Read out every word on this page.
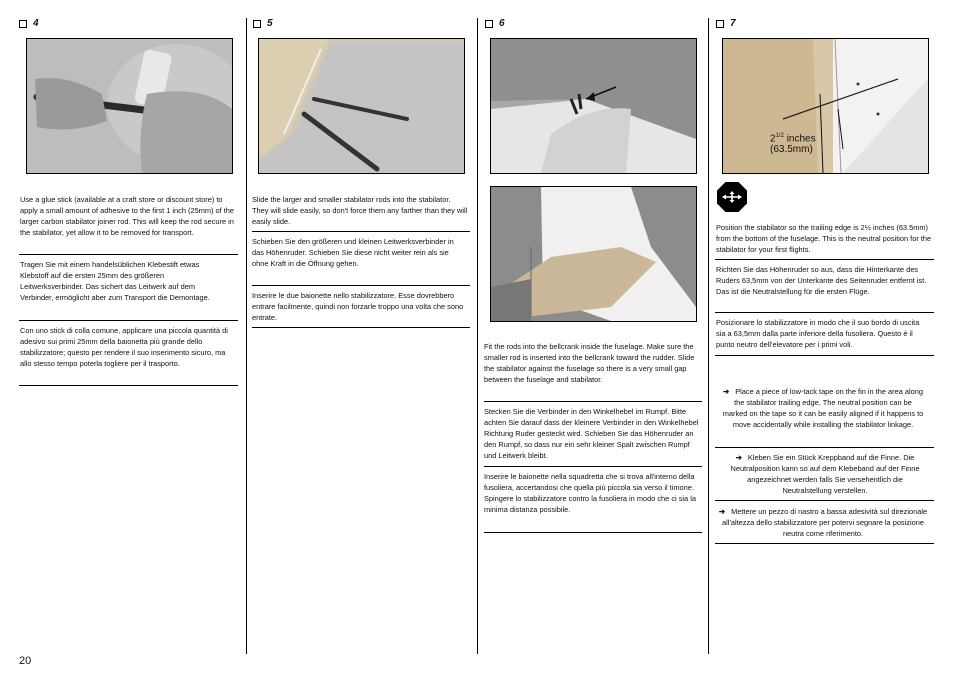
4
Use a glue stick (available at a craft store or discount store) to apply a small amount of adhesive to the first 1 inch (25mm) of the larger carbon stabilator joiner rod. This will keep the rod secure in the stabilator, yet allow it to be removed for transport.
Tragen Sie mit einem handelsüblichen Klebestift etwas Klebstoff auf die ersten 25mm des größeren Leitwerksverbinder. Das sichert das Leitwerk auf dem Verbinder, ermöglicht aber zum Transport die Demontage.
Con uno stick di colla comune, applicare una piccola quantità di adesivo sui primi 25mm della baionetta più grande dello stabilizzatore; questo per rendere il suo inserimento sicuro, ma allo stesso tempo poterla togliere per il trasporto.
5
Slide the larger and smaller stabilator rods into the stabilator. They will slide easily, so don't force them any farther than they will easily slide.
Schieben Sie den größeren und kleinen Leitwerksverbinder in das Höhenruder. Schieben Sie diese nicht weiter rein als sie ohne Kraft in die Öffnung gehen.
Inserire le due baionette nello stabilizzatore. Esse dovrebbero entrare facilmente, quindi non forzarle troppo una volta che sono entrate.
6
Fit the rods into the bellcrank inside the fuselage. Make sure the smaller rod is inserted into the bellcrank toward the rudder. Slide the stabilator against the fuselage so there is a very small gap between the fuselage and stabilator.
Stecken Sie die Verbinder in den Winkelhebel im Rumpf. Bitte achten Sie darauf dass der kleinere Verbinder in den Winkelhebel Richtung Ruder gesteckt wird. Schieben Sie das Höhenruder an den Rumpf, so dass nur ein sehr kleiner Spalt zwischen Rumpf und Leitwerk bleibt.
Inserire le baionette nella squadretta che si trova all'interno della fusoliera, accertandosi che quella più piccola sia verso il timone. Spingere lo stabilizzatore contro la fusoliera in modo che ci sia la minima distanza possibile.
7
$2^{1/2}$ inches
(63.5mm)
Position the stabilator so the trailing edge is 2½ inches (63.5mm) from the bottom of the fuselage. This is the neutral position for the stabilator for your first flights.
Richten Sie das Höhenruder so aus, dass die Hinterkante des Ruders 63,5mm von der Unterkante des Seitenruder entfernt ist. Das ist die Neutralstellung für die ersten Flüge.
Posizionare lo stabilizzatore in modo che il suo bordo di uscita sia a 63,5mm dalla parte inferiore della fusoliera. Questo è il punto neutro dell'elevatore per i primi voli.
➔ Place a piece of low-tack tape on the fin in the area along the stabilator trailing edge. The neutral position can be marked on the tape so it can be easily aligned if it happens to move accidentally while installing the stabilator linkage.
➔ Kleben Sie ein Stück Kreppband auf die Finne. Die Neutralposition kann so auf dem Klebeband auf der Finne angezeichnet werden falls Sie versehentlich die Neutralstellung verstellen.
➔ Mettere un pezzo di nastro a bassa adesività sul direzionale all'altezza dello stabilizzatore per potervi segnare la posizione neutra come riferimento.
20
